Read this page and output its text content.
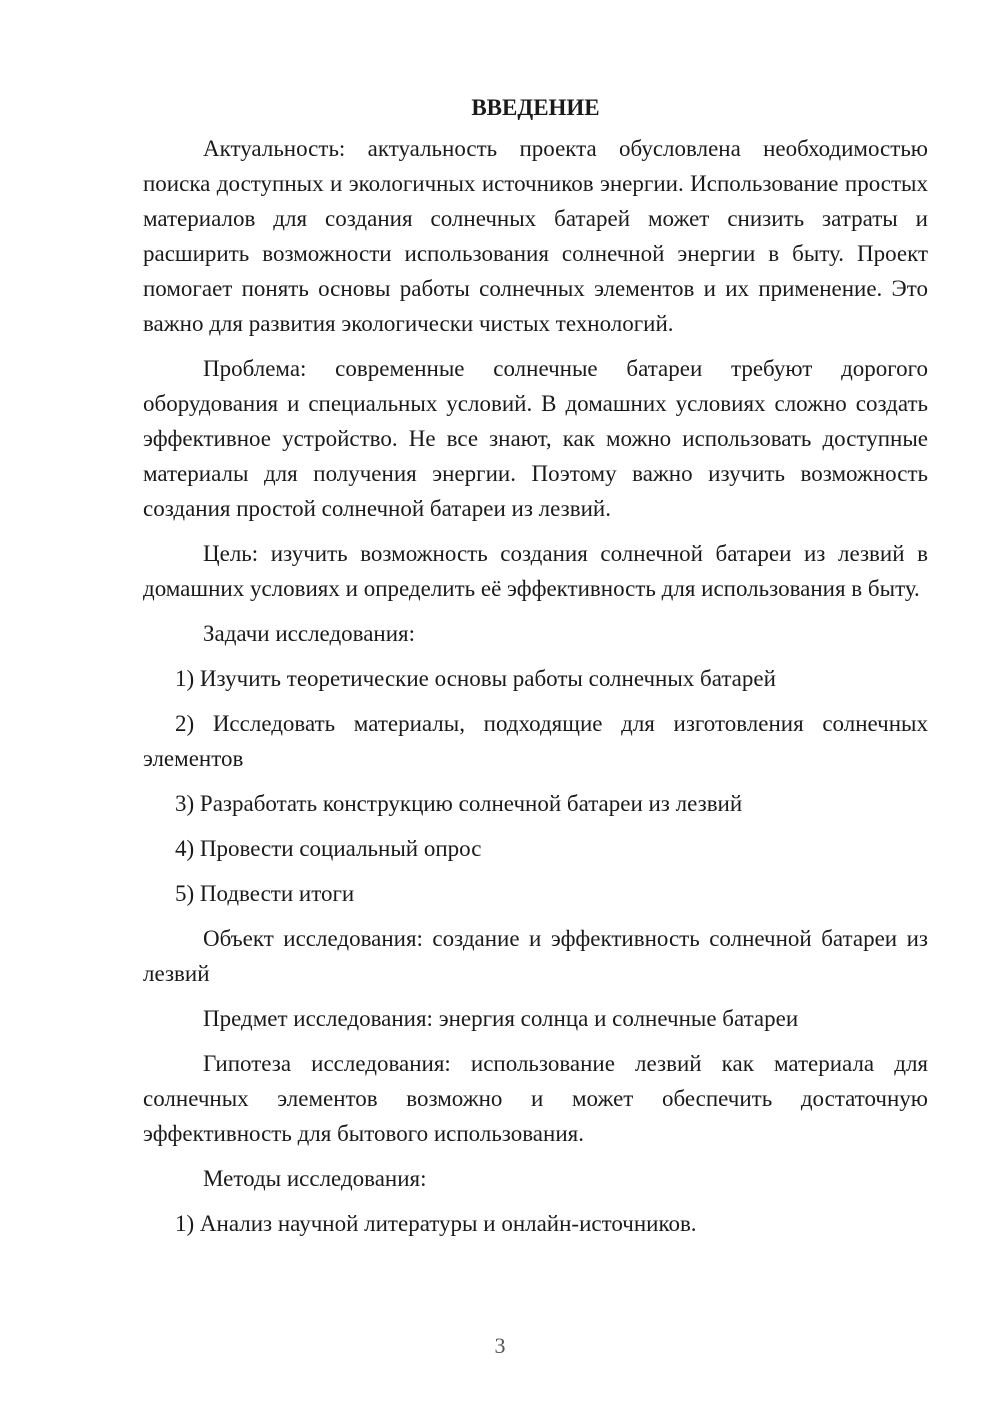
ВВЕДЕНИЕ

Актуальность: актуальность проекта обусловлена необходимостью поиска доступных и экологичных источников энергии. Использование простых материалов для создания солнечных батарей может снизить затраты и расширить возможности использования солнечной энергии в быту. Проект помогает понять основы работы солнечных элементов и их применение. Это важно для развития экологически чистых технологий.

Проблема: современные солнечные батареи требуют дорогого оборудования и специальных условий. В домашних условиях сложно создать эффективное устройство. Не все знают, как можно использовать доступные материалы для получения энергии. Поэтому важно изучить возможность создания простой солнечной батареи из лезвий.

Цель: изучить возможность создания солнечной батареи из лезвий в домашних условиях и определить её эффективность для использования в быту.

Задачи исследования:

1) Изучить теоретические основы работы солнечных батарей

2) Исследовать материалы, подходящие для изготовления солнечных элементов

3) Разработать конструкцию солнечной батареи из лезвий

4) Провести социальный опрос

5) Подвести итоги

Объект исследования: создание и эффективность солнечной батареи из лезвий

Предмет исследования: энергия солнца и солнечные батареи

Гипотеза исследования: использование лезвий как материала для солнечных элементов возможно и может обеспечить достаточную эффективность для бытового использования.

Методы исследования:

1) Анализ научной литературы и онлайн-источников.

3
